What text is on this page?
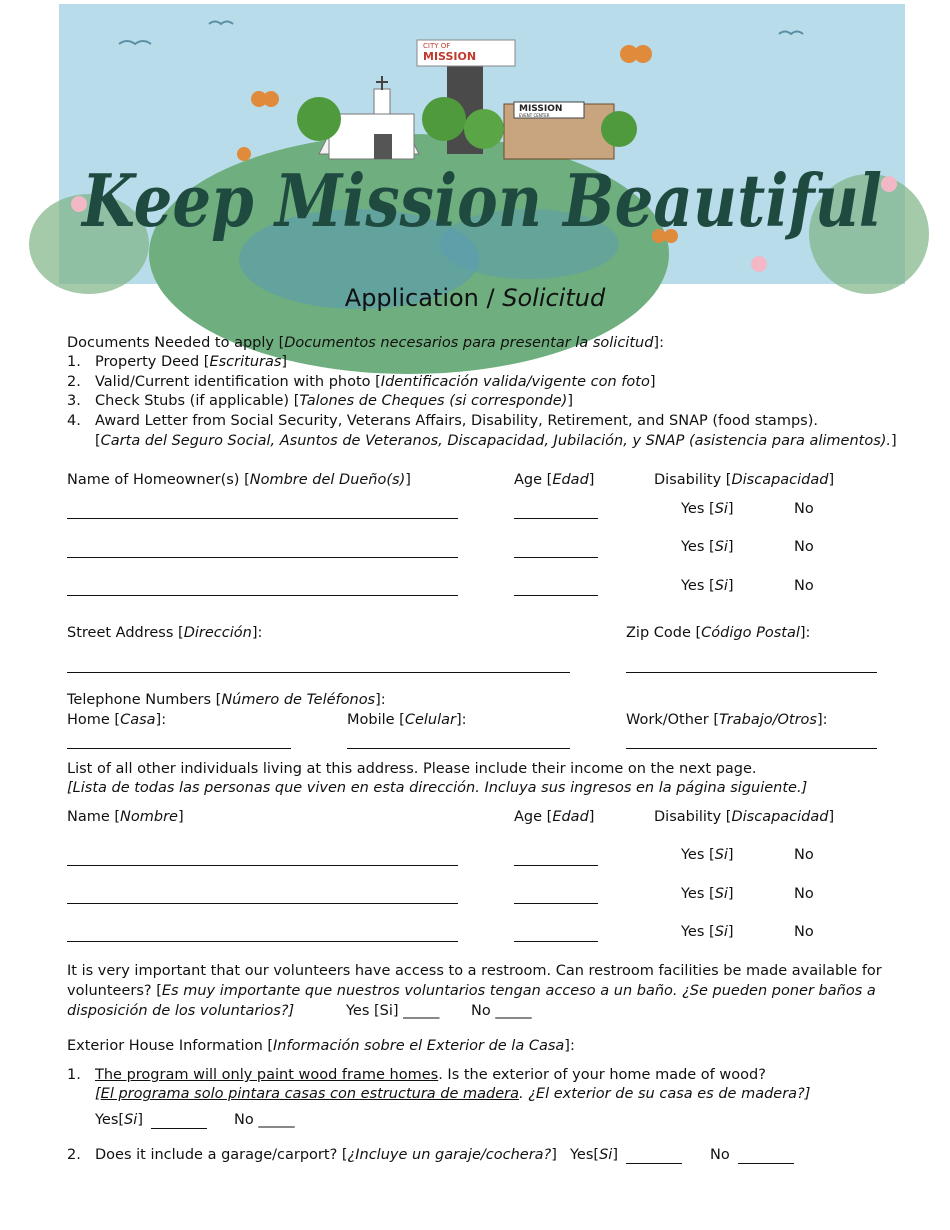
CITY OF
MISSION
MISSION
EVENT CENTER
Keep Mission Beautiful
Application / Solicitud
Documents Needed to apply [Documentos necesarios para presentar la solicitud]:
1. Property Deed [Escrituras]
2. Valid/Current identification with photo [Identificación valida/vigente con foto]
3. Check Stubs (if applicable) [Talones de Cheques (si corresponde)]
4. Award Letter from Social Security, Veterans Affairs, Disability, Retirement, and SNAP (food stamps).
[Carta del Seguro Social, Asuntos de Veteranos, Discapacidad, Jubilación, y SNAP (asistencia para alimentos).]
Name of Homeowner(s) [Nombre del Dueño(s)]	Age [Edad]	Disability [Discapacidad]
Yes [Si]	No
Yes [Si]	No
Yes [Si]	No
Street Address [Dirección]:	Zip Code [Código Postal]:
Telephone Numbers [Número de Teléfonos]:
Home [Casa]:	Mobile [Celular]:	Work/Other [Trabajo/Otros]:
List of all other individuals living at this address. Please include their income on the next page.
[Lista de todas las personas que viven en esta dirección. Incluya sus ingresos en la página siguiente.]
Name [Nombre]	Age [Edad]	Disability [Discapacidad]
Yes [Si]	No
Yes [Si]	No
Yes [Si]	No
It is very important that our volunteers have access to a restroom. Can restroom facilities be made available for
volunteers? [Es muy importante que nuestros voluntarios tengan acceso a un baño. ¿Se pueden poner baños a
disposición de los voluntarios?]	Yes [Si] _____ No _____
Exterior House Information [Información sobre el Exterior de la Casa]:
1. The program will only paint wood frame homes. Is the exterior of your home made of wood?
[El programa solo pintara casas con estructura de madera. ¿El exterior de su casa es de madera?]
Yes[Si]	No _____
2. Does it include a garage/carport? [¿Incluye un garaje/cochera?] Yes[Si]	No
